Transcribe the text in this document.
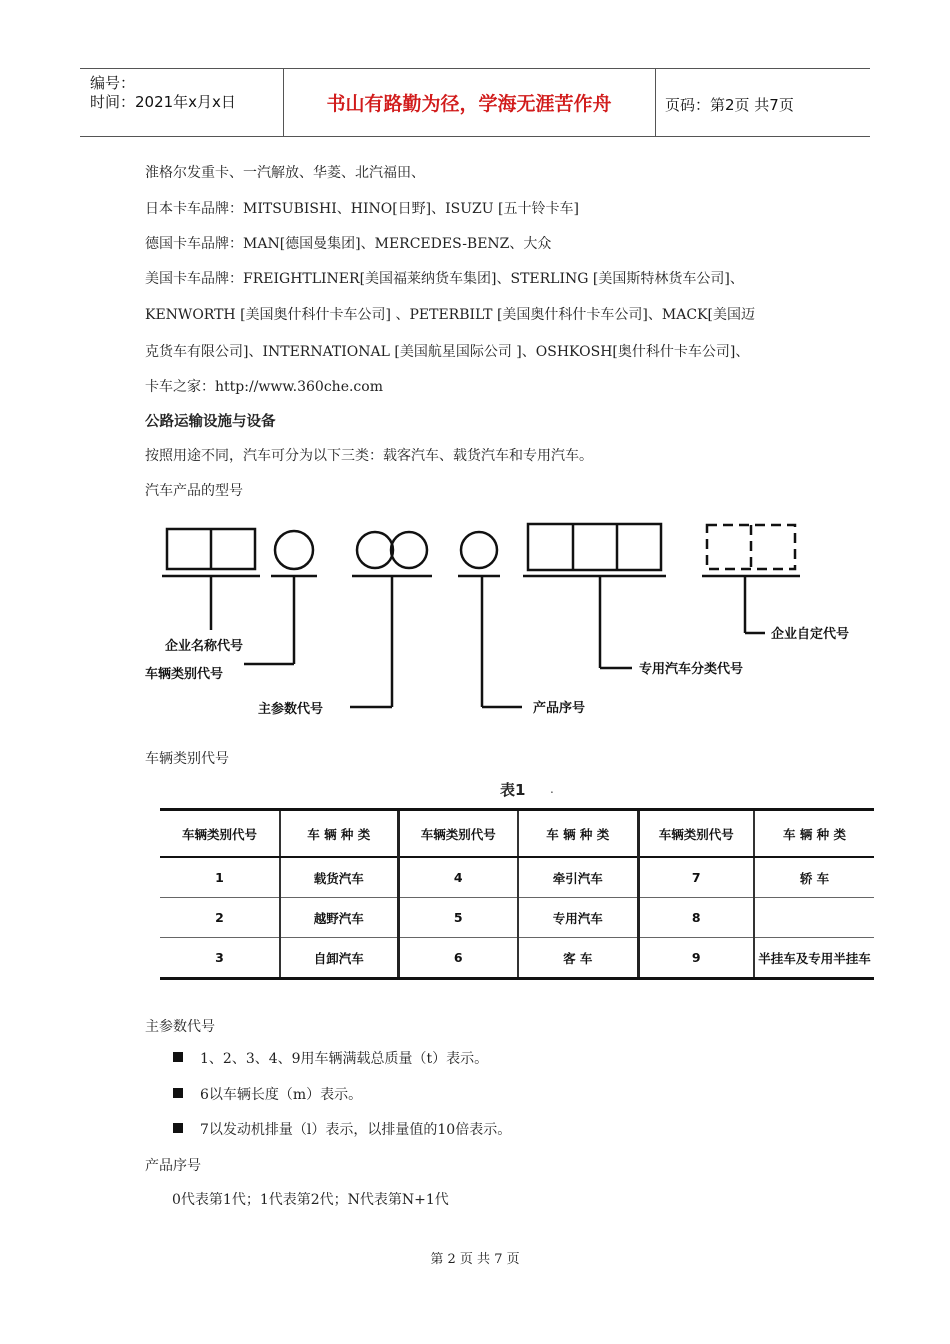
编号：
时间：2021年x月x日	书山有路勤为径，学海无涯苦作舟	页码：第2页 共7页
淮格尔发重卡、一汽解放、华菱、北汽福田、
日本卡车品牌：MITSUBISHI、HINO[日野]、ISUZU [五十铃卡车]
德国卡车品牌：MAN[德国曼集团]、MERCEDES-BENZ、大众
美国卡车品牌：FREIGHTLINER[美国福莱纳货车集团]、STERLING [美国斯特林货车公司]、
KENWORTH [美国奥什科什卡车公司] 、PETERBILT [美国奥什科什卡车公司]、MACK[美国迈
克货车有限公司]、INTERNATIONAL [美国航星国际公司 ]、OSHKOSH[奥什科什卡车公司]、
卡车之家：http://www.360che.com
公路运输设施与设备
按照用途不同，汽车可分为以下三类：载客汽车、载货汽车和专用汽车。
汽车产品的型号
企业名称代号
车辆类别代号
主参数代号	产品序号
专用汽车分类代号
企业自定代号
车辆类别代号
表1 .
车辆类别代号	车 辆 种 类	车辆类别代号	车 辆 种 类	车辆类别代号	车 辆 种 类
1	载货汽车	4	牵引汽车	7	轿 车
2	越野汽车	5	专用汽车	8	
3	自卸汽车	6	客 车	9	半挂车及专用半挂车
主参数代号
1、2、3、4、9用车辆满载总质量（t）表示。
6以车辆长度（m）表示。
7以发动机排量（l）表示，以排量值的10倍表示。
产品序号
0代表第1代；1代表第2代；N代表第N+1代
第 2 页 共 7 页
